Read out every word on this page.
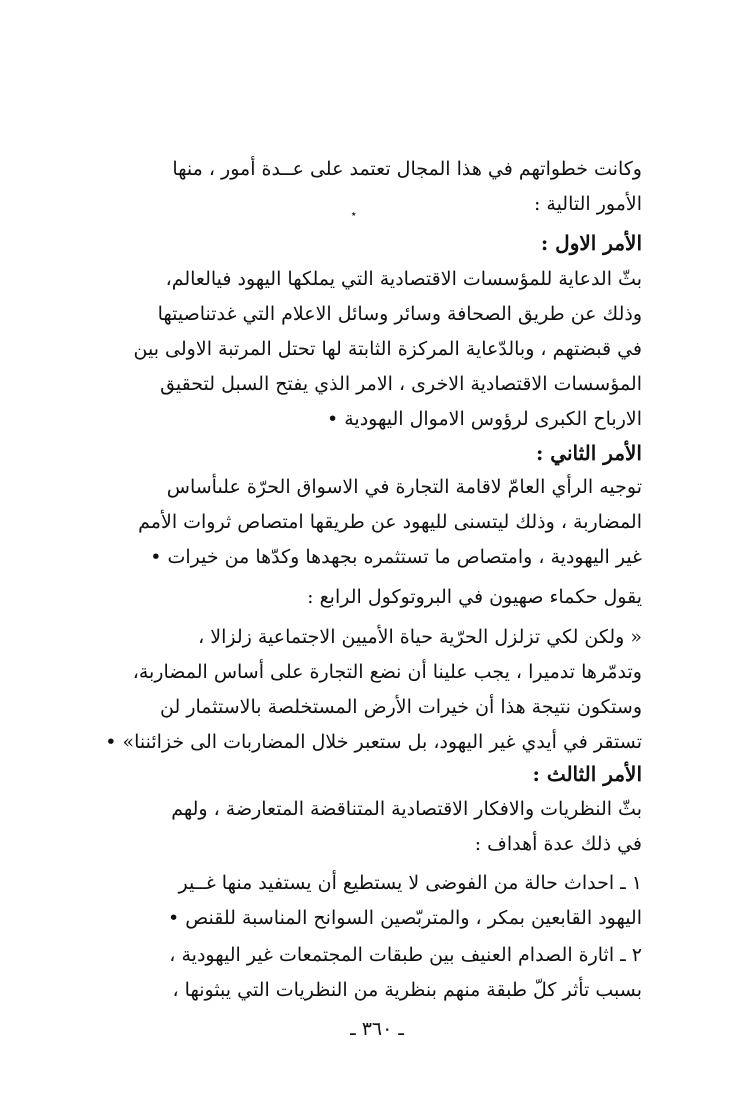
٭
وكانت خطواتهم في هذا المجال تعتمد على عــدة أمور ، منها
الأمور التالية :
الأمر الاول :
بثّ الدعاية للمؤسسات الاقتصادية التي يملكها اليهود فيالعالم،
وذلك عن طريق الصحافة وسائر وسائل الاعلام التي غدتناصيتها
في قبضتهم ، وبالدّعاية المركزة الثابتة لها تحتل المرتبة الاولى بين
المؤسسات الاقتصادية الاخرى ، الامر الذي يفتح السبل لتحقيق
الارباح الكبرى لرؤوس الاموال اليهودية •
الأمر الثاني :
توجيه الرأي العامّ لاقامة التجارة في الاسواق الحرّة علىأساس
المضاربة ، وذلك ليتسنى لليهود عن طريقها امتصاص ثروات الأمم
غير اليهودية ، وامتصاص ما تستثمره بجهدها وكدّها من خيرات •
يقول حكماء صهيون في البروتوكول الرابع :
« ولكن لكي تزلزل الحرّية حياة الأميين الاجتماعية زلزالا ،
وتدمّرها تدميرا ، يجب علينا أن نضع التجارة على أساس المضاربة،
وستكون نتيجة هذا أن خيرات الأرض المستخلصة بالاستثمار لن
تستقر في أيدي غير اليهود، بل ستعبر خلال المضاربات الى خزائننا» •
الأمر الثالث :
بثّ النظريات والافكار الاقتصادية المتناقضة المتعارضة ، ولهم
في ذلك عدة أهداف :
١ ـ احداث حالة من الفوضى لا يستطيع أن يستفيد منها غــير
اليهود القابعين بمكر ، والمتربّصين السوانح المناسبة للقنص •
٢ ـ اثارة الصدام العنيف بين طبقات المجتمعات غير اليهودية ،
بسبب تأثر كلّ طبقة منهم بنظرية من النظريات التي يبثونها ،
ـ ٣٦٠ ـ
